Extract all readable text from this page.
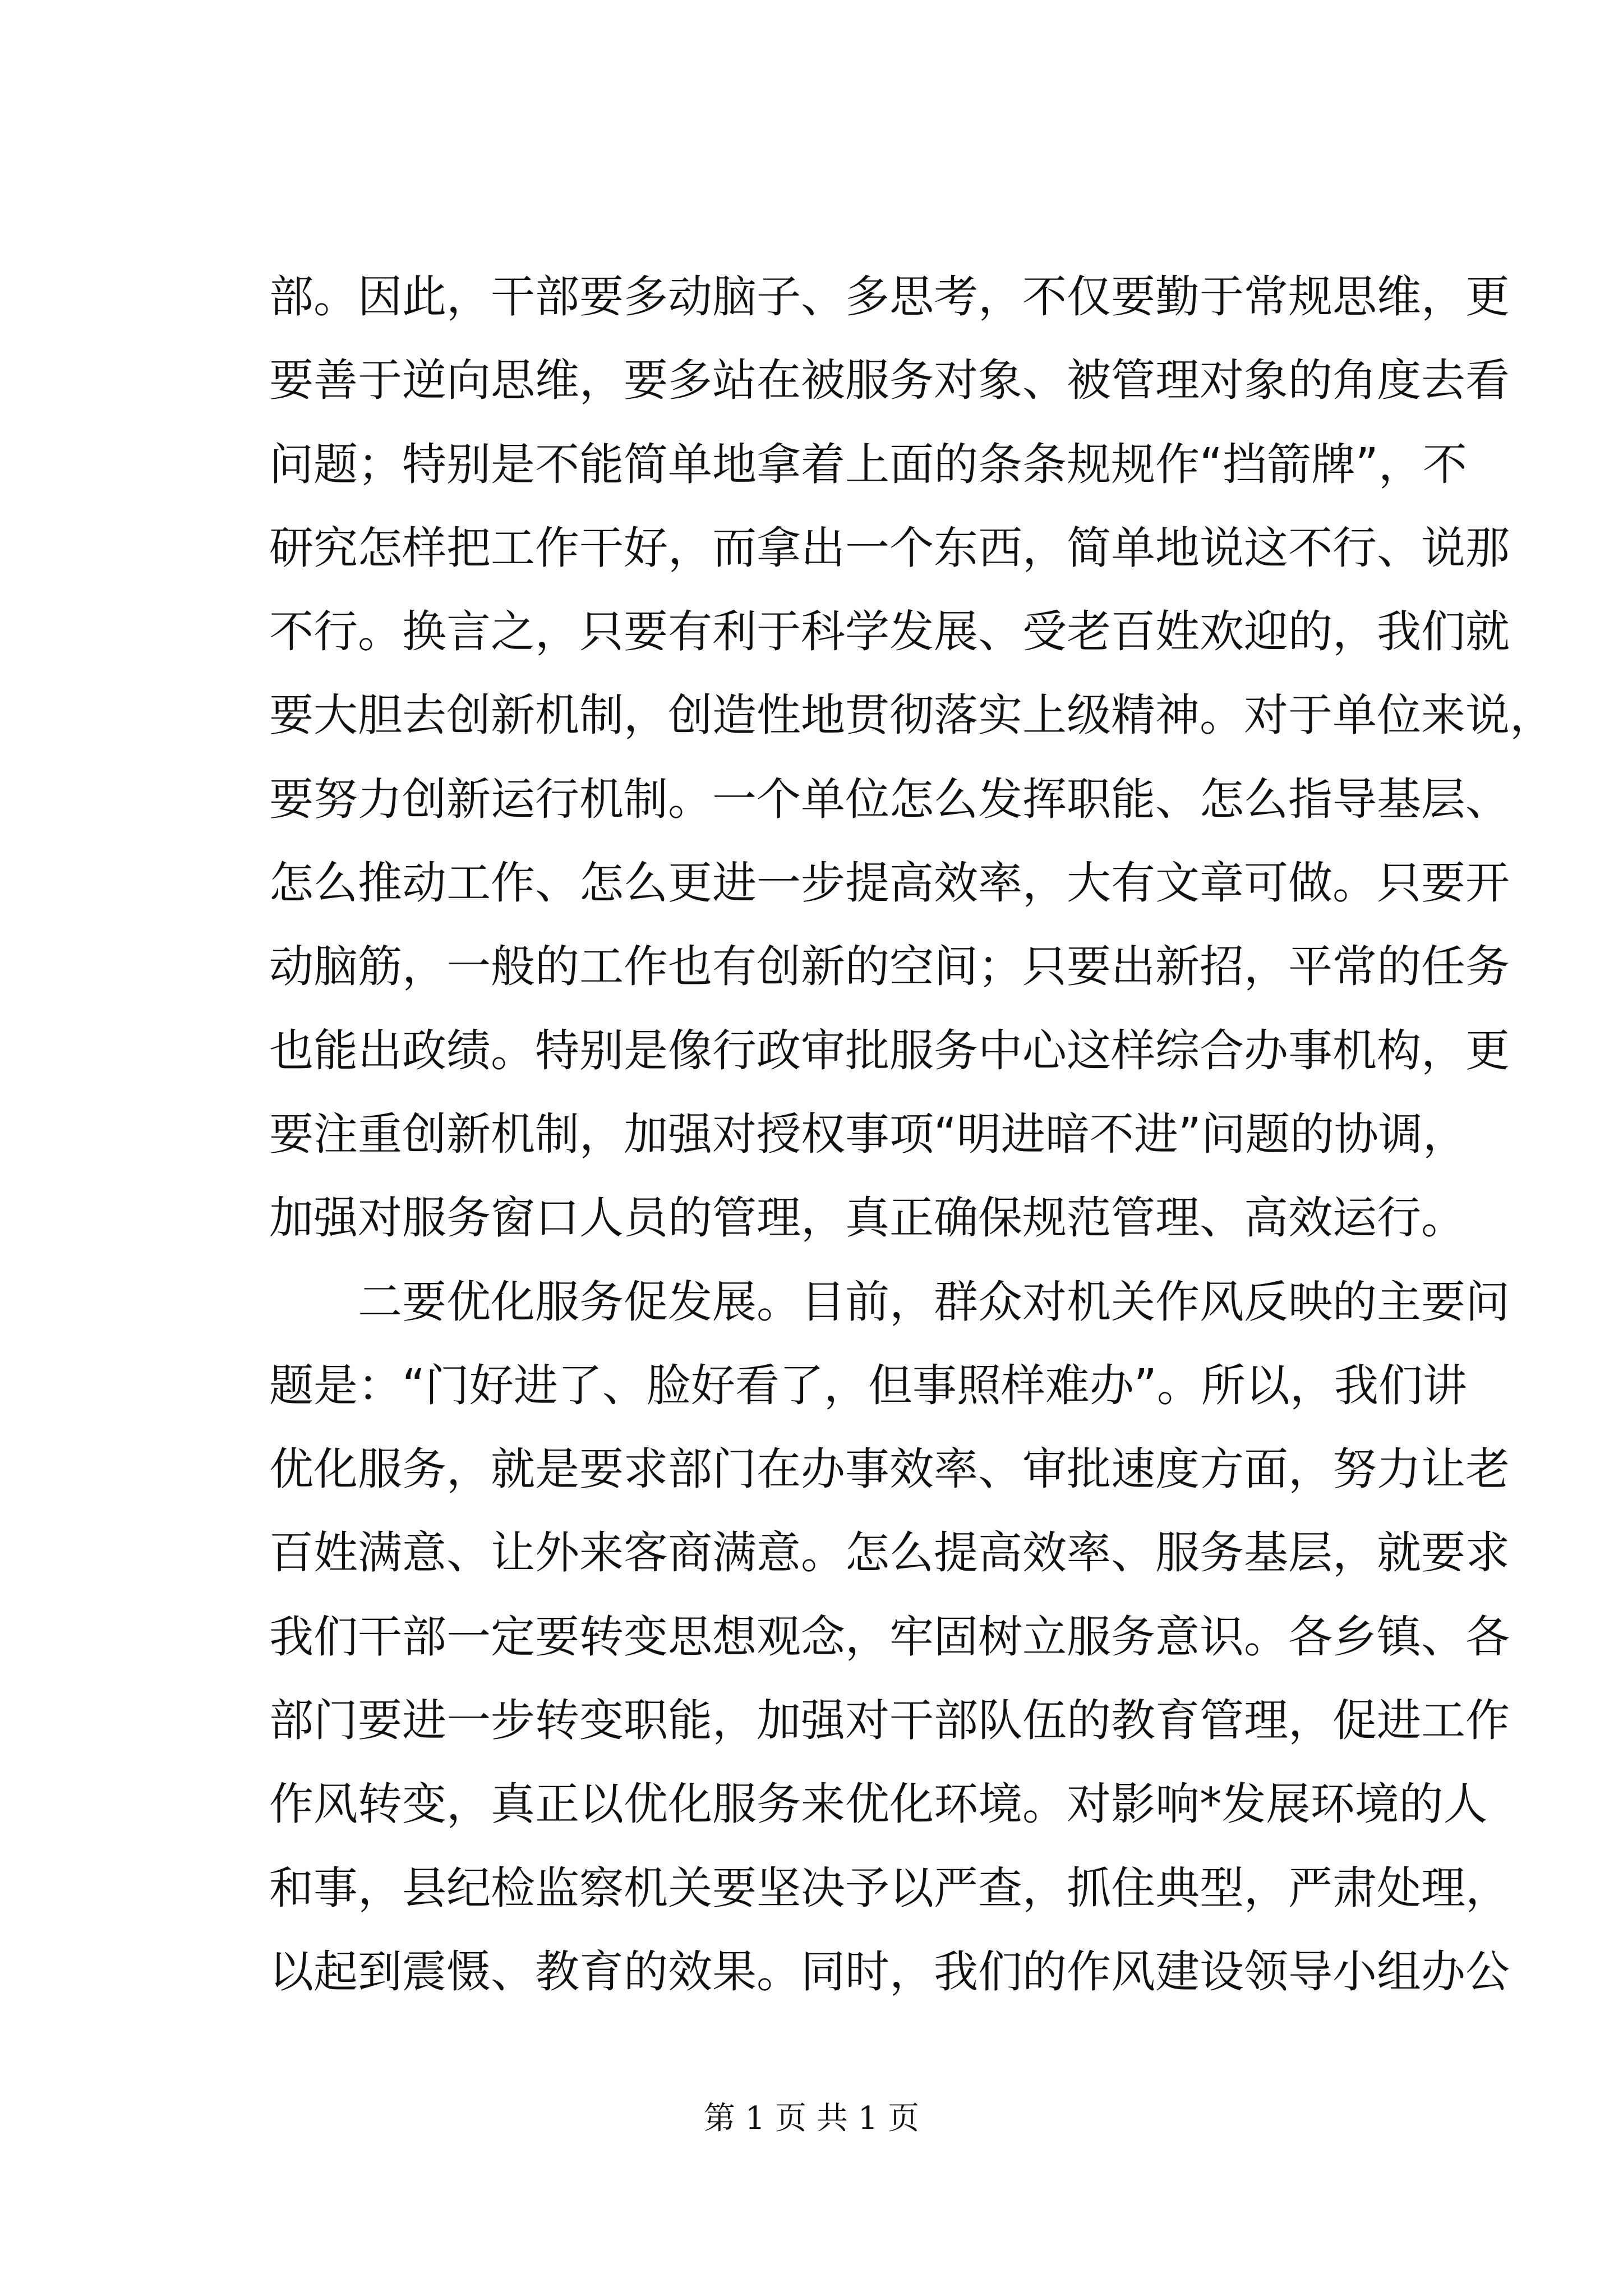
部。因此，干部要多动脑子、多思考，不仅要勤于常规思维，更
要善于逆向思维，要多站在被服务对象、被管理对象的角度去看
问题；特别是不能简单地拿着上面的条条规规作“挡箭牌”，不
研究怎样把工作干好，而拿出一个东西，简单地说这不行、说那
不行。换言之，只要有利于科学发展、受老百姓欢迎的，我们就
要大胆去创新机制，创造性地贯彻落实上级精神。对于单位来说，
要努力创新运行机制。一个单位怎么发挥职能、怎么指导基层、
怎么推动工作、怎么更进一步提高效率，大有文章可做。只要开
动脑筋，一般的工作也有创新的空间；只要出新招，平常的任务
也能出政绩。特别是像行政审批服务中心这样综合办事机构，更
要注重创新机制，加强对授权事项“明进暗不进”问题的协调，
加强对服务窗口人员的管理，真正确保规范管理、高效运行。
二要优化服务促发展。目前，群众对机关作风反映的主要问
题是：“门好进了、脸好看了，但事照样难办”。所以，我们讲
优化服务，就是要求部门在办事效率、审批速度方面，努力让老
百姓满意、让外来客商满意。怎么提高效率、服务基层，就要求
我们干部一定要转变思想观念，牢固树立服务意识。各乡镇、各
部门要进一步转变职能，加强对干部队伍的教育管理，促进工作
作风转变，真正以优化服务来优化环境。对影响*发展环境的人
和事，县纪检监察机关要坚决予以严查，抓住典型，严肃处理，
以起到震慑、教育的效果。同时，我们的作风建设领导小组办公
第 1 页 共 1 页
